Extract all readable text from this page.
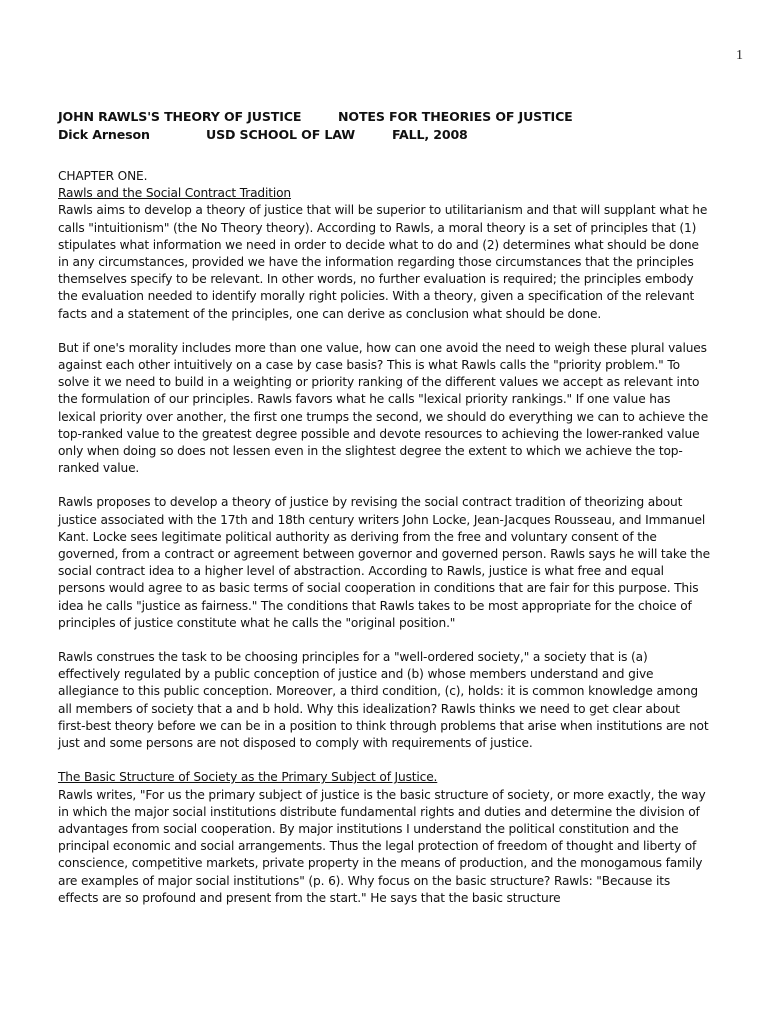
1
JOHN RAWLS'S THEORY OF JUSTICE	NOTES FOR THEORIES OF JUSTICE
Dick Arneson	USD SCHOOL OF LAW	FALL, 2008

CHAPTER ONE.

Rawls and the Social Contract Tradition

Rawls aims to develop a theory of justice that will be superior to utilitarianism and that will supplant what he calls "intuitionism" (the No Theory theory). According to Rawls, a moral theory is a set of principles that (1) stipulates what information we need in order to decide what to do and (2) determines what should be done in any circumstances, provided we have the information regarding those circumstances that the principles themselves specify to be relevant. In other words, no further evaluation is required; the principles embody the evaluation needed to identify morally right policies. With a theory, given a specification of the relevant facts and a statement of the principles, one can derive as conclusion what should be done.

But if one's morality includes more than one value, how can one avoid the need to weigh these plural values against each other intuitively on a case by case basis? This is what Rawls calls the "priority problem." To solve it we need to build in a weighting or priority ranking of the different values we accept as relevant into the formulation of our principles. Rawls favors what he calls "lexical priority rankings." If one value has lexical priority over another, the first one trumps the second, we should do everything we can to achieve the top-ranked value to the greatest degree possible and devote resources to achieving the lower-ranked value only when doing so does not lessen even in the slightest degree the extent to which we achieve the top-ranked value.

Rawls proposes to develop a theory of justice by revising the social contract tradition of theorizing about justice associated with the 17th and 18th century writers John Locke, Jean-Jacques Rousseau, and Immanuel Kant. Locke sees legitimate political authority as deriving from the free and voluntary consent of the governed, from a contract or agreement between governor and governed person. Rawls says he will take the social contract idea to a higher level of abstraction. According to Rawls, justice is what free and equal persons would agree to as basic terms of social cooperation in conditions that are fair for this purpose. This idea he calls "justice as fairness." The conditions that Rawls takes to be most appropriate for the choice of principles of justice constitute what he calls the "original position."

Rawls construes the task to be choosing principles for a "well-ordered society," a society that is (a) effectively regulated by a public conception of justice and (b) whose members understand and give allegiance to this public conception. Moreover, a third condition, (c), holds: it is common knowledge among all members of society that a and b hold. Why this idealization? Rawls thinks we need to get clear about first-best theory before we can be in a position to think through problems that arise when institutions are not just and some persons are not disposed to comply with requirements of justice.

The Basic Structure of Society as the Primary Subject of Justice.

Rawls writes, "For us the primary subject of justice is the basic structure of society, or more exactly, the way in which the major social institutions distribute fundamental rights and duties and determine the division of advantages from social cooperation. By major institutions I understand the political constitution and the principal economic and social arrangements. Thus the legal protection of freedom of thought and liberty of conscience, competitive markets, private property in the means of production, and the monogamous family are examples of major social institutions" (p. 6). Why focus on the basic structure? Rawls: "Because its effects are so profound and present from the start." He says that the basic structure
